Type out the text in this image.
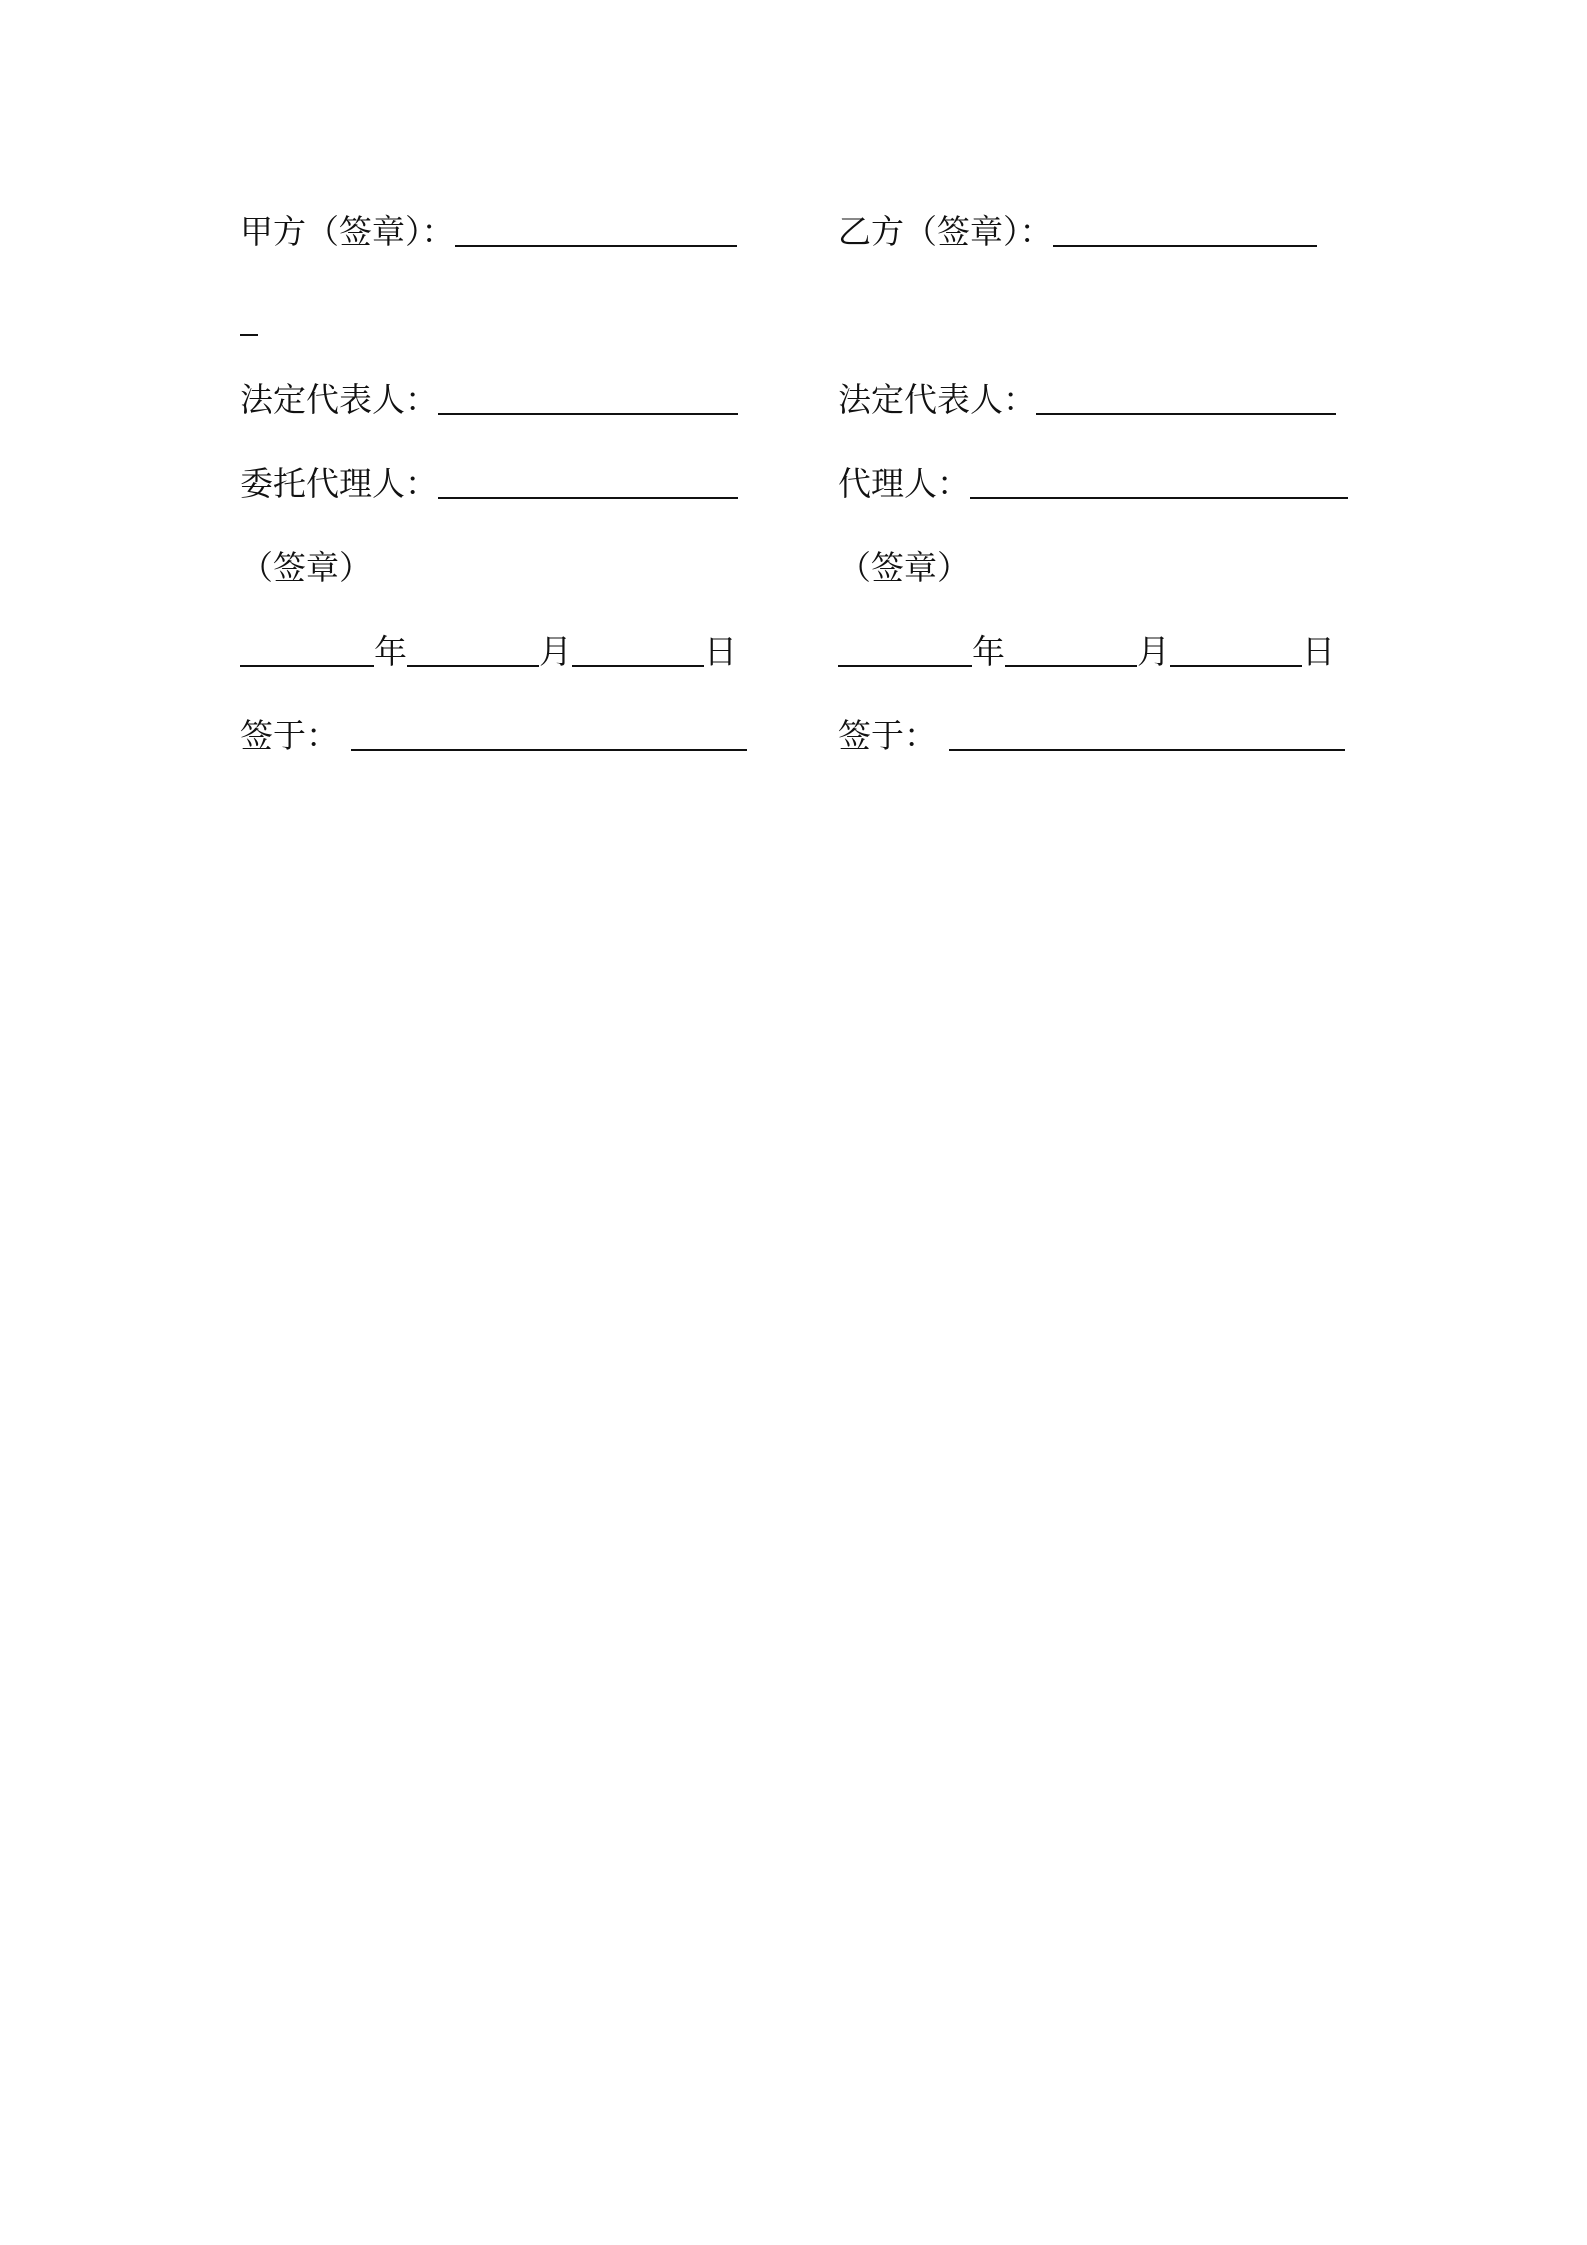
甲方（签章）：
法定代表人：
委托代理人：
（签章）
年	月	日
签于：
乙方（签章）：
法定代表人：
代理人：
（签章）
年	月	日
签于：
